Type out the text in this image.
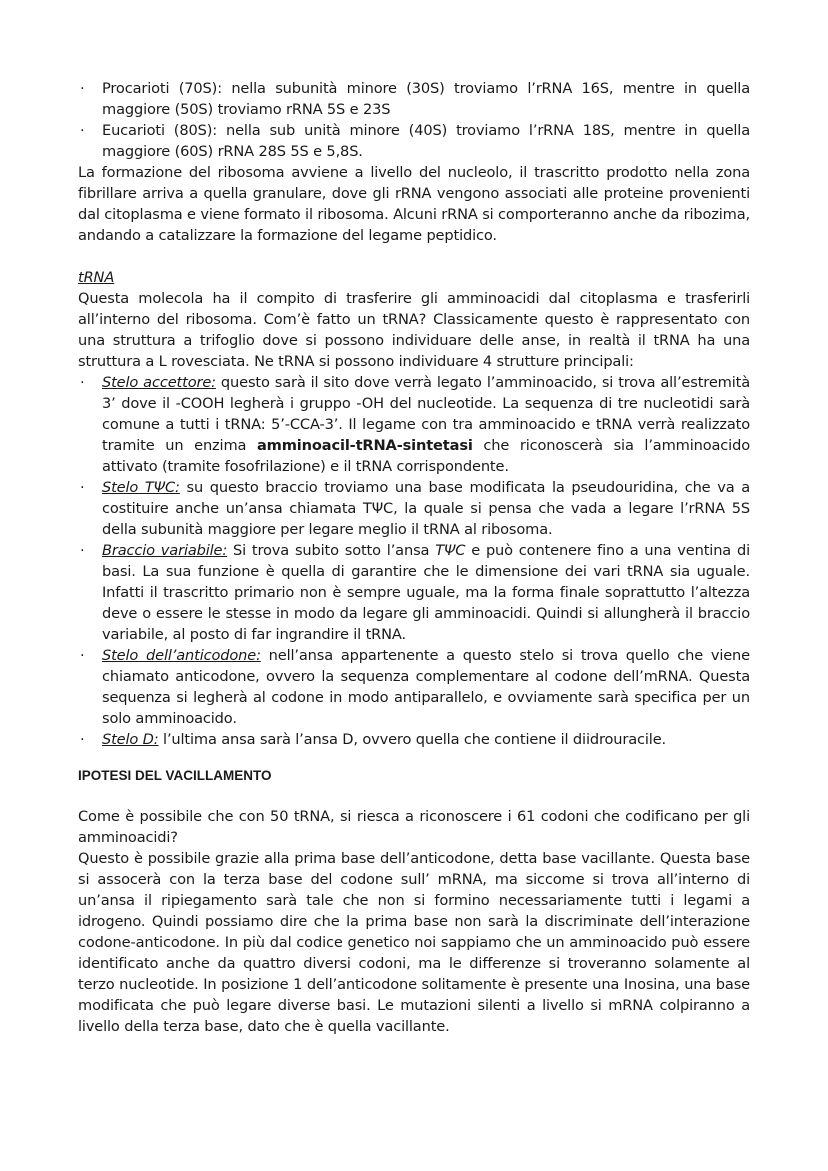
· Procarioti (70S): nella subunità minore (30S) troviamo l’rRNA 16S, mentre in quella maggiore (50S) troviamo rRNA 5S e 23S
· Eucarioti (80S): nella sub unità minore (40S) troviamo l’rRNA 18S, mentre in quella maggiore (60S) rRNA 28S 5S e 5,8S.

La formazione del ribosoma avviene a livello del nucleolo, il trascritto prodotto nella zona fibrillare arriva a quella granulare, dove gli rRNA vengono associati alle proteine provenienti dal citoplasma e viene formato il ribosoma. Alcuni rRNA si comporteranno anche da ribozima, andando a catalizzare la formazione del legame peptidico.

tRNA

Questa molecola ha il compito di trasferire gli amminoacidi dal citoplasma e trasferirli all’interno del ribosoma. Com’è fatto un tRNA? Classicamente questo è rappresentato con una struttura a trifoglio dove si possono individuare delle anse, in realtà il tRNA ha una struttura a L rovesciata. Ne tRNA si possono individuare 4 strutture principali:

· Stelo accettore: questo sarà il sito dove verrà legato l’amminoacido, si trova all’estremità 3’ dove il -COOH legherà i gruppo -OH del nucleotide. La sequenza di tre nucleotidi sarà comune a tutti i tRNA: 5’-CCA-3’. Il legame con tra amminoacido e tRNA verrà realizzato tramite un enzima amminoacil-tRNA-sintetasi che riconoscerà sia l’amminoacido attivato (tramite fosofrilazione) e il tRNA corrispondente.
· Stelo TΨC: su questo braccio troviamo una base modificata la pseudouridina, che va a costituire anche un’ansa chiamata TΨC, la quale si pensa che vada a legare l’rRNA 5S della subunità maggiore per legare meglio il tRNA al ribosoma.
· Braccio variabile: Si trova subito sotto l’ansa TΨC e può contenere fino a una ventina di basi. La sua funzione è quella di garantire che le dimensione dei vari tRNA sia uguale. Infatti il trascritto primario non è sempre uguale, ma la forma finale soprattutto l’altezza deve o essere le stesse in modo da legare gli amminoacidi. Quindi si allungherà il braccio variabile, al posto di far ingrandire il tRNA.
· Stelo dell’anticodone: nell’ansa appartenente a questo stelo si trova quello che viene chiamato anticodone, ovvero la sequenza complementare al codone dell’mRNA. Questa sequenza si legherà al codone in modo antiparallelo, e ovviamente sarà specifica per un solo amminoacido.
· Stelo D: l’ultima ansa sarà l’ansa D, ovvero quella che contiene il diidrouracile.

IPOTESI DEL VACILLAMENTO

Come è possibile che con 50 tRNA, si riesca a riconoscere i 61 codoni che codificano per gli amminoacidi?

Questo è possibile grazie alla prima base dell’anticodone, detta base vacillante. Questa base si assocerà con la terza base del codone sull’ mRNA, ma siccome si trova all’interno di un’ansa il ripiegamento sarà tale che non si formino necessariamente tutti i legami a idrogeno. Quindi possiamo dire che la prima base non sarà la discriminate dell’interazione codone-anticodone. In più dal codice genetico noi sappiamo che un amminoacido può essere identificato anche da quattro diversi codoni, ma le differenze si troveranno solamente al terzo nucleotide. In posizione 1 dell’anticodone solitamente è presente una Inosina, una base modificata che può legare diverse basi. Le mutazioni silenti a livello si mRNA colpiranno a livello della terza base, dato che è quella vacillante.
